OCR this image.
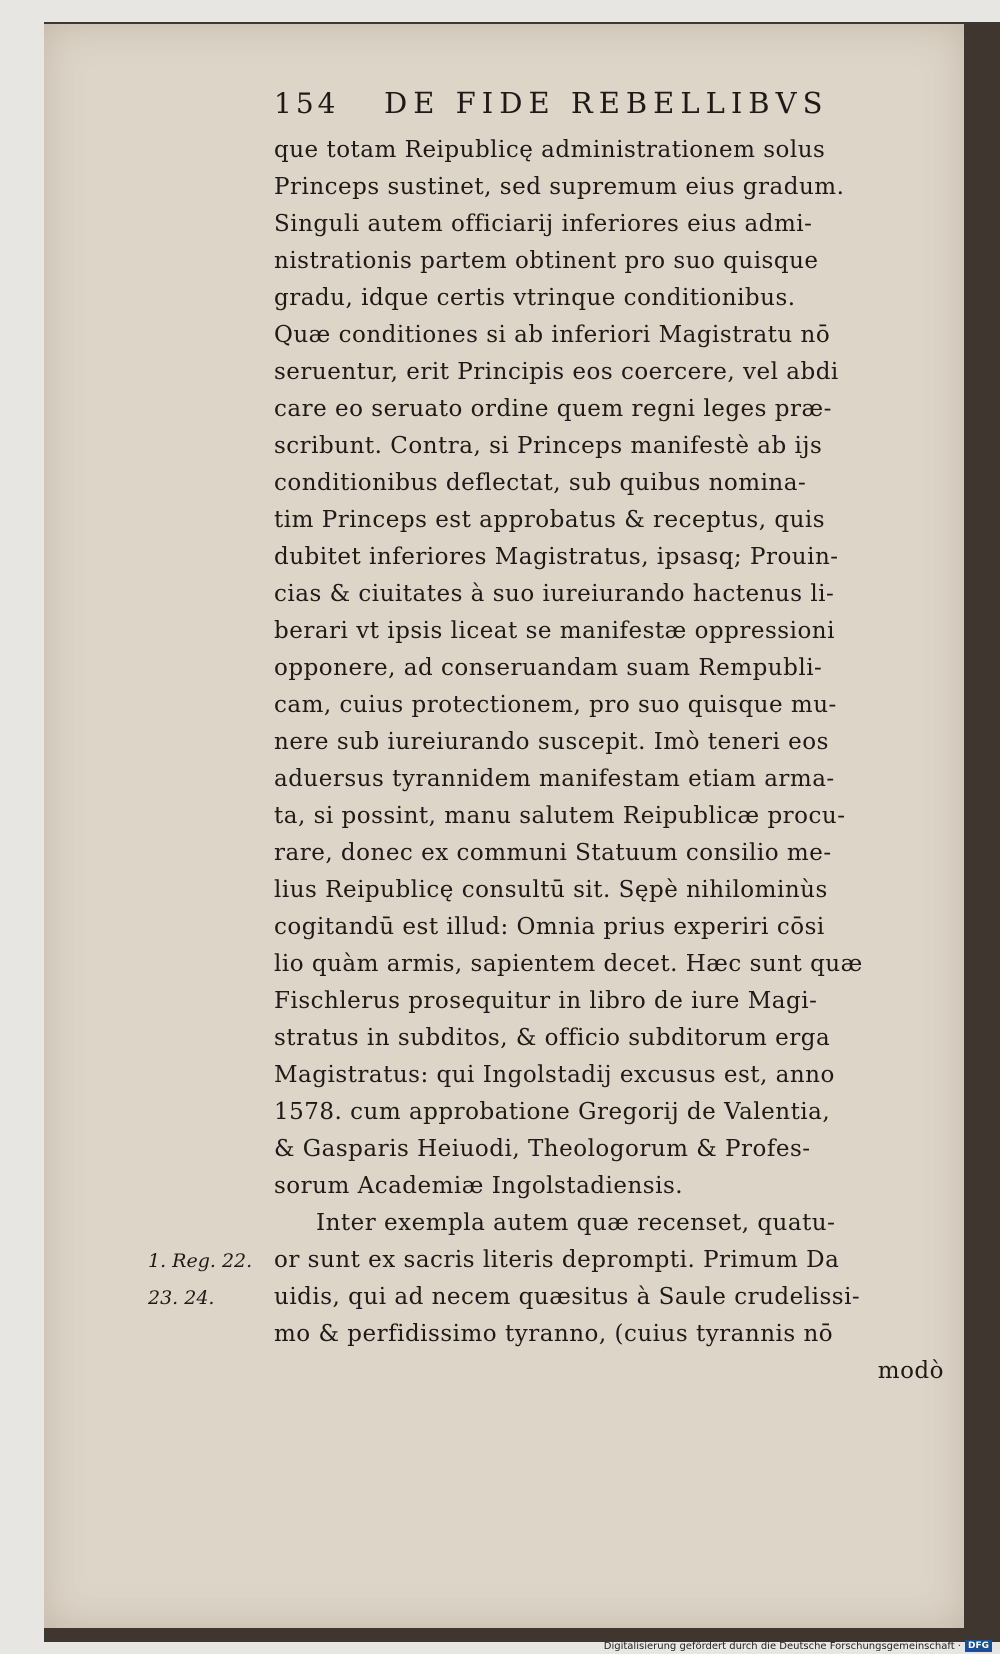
154	DE FIDE REBELLIBVS
que totam Reipublicę administrationem solus
Princeps sustinet, sed supremum eius gradum.
Singuli autem officiarij inferiores eius admi-
nistrationis partem obtinent pro suo quisque
gradu, idque certis vtrinque conditionibus.
Quæ conditiones si ab inferiori Magistratu nō
seruentur, erit Principis eos coercere, vel abdi
care eo seruato ordine quem regni leges præ-
scribunt. Contra, si Princeps manifestè ab ijs
conditionibus deflectat, sub quibus nomina-
tim Princeps est approbatus & receptus, quis
dubitet inferiores Magistratus, ipsasq; Prouin-
cias & ciuitates à suo iureiurando hactenus li-
berari vt ipsis liceat se manifestæ oppressioni
opponere, ad conseruandam suam Rempubli-
cam, cuius protectionem, pro suo quisque mu-
nere sub iureiurando suscepit. Imò teneri eos
aduersus tyrannidem manifestam etiam arma-
ta, si possint, manu salutem Reipublicæ procu-
rare, donec ex communi Statuum consilio me-
lius Reipublicę consultū sit. Sępè nihilominùs
cogitandū est illud: Omnia prius experiri cōsi
lio quàm armis, sapientem decet. Hæc sunt quæ
Fischlerus prosequitur in libro de iure Magi-
stratus in subditos, & officio subditorum erga
Magistratus: qui Ingolstadij excusus est, anno
1578. cum approbatione Gregorij de Valentia,
& Gasparis Heiuodi, Theologorum & Profes-
sorum Academiæ Ingolstadiensis.
Inter exempla autem quæ recenset, quatu-
or sunt ex sacris literis deprompti. Primum Da
uidis, qui ad necem quæsitus à Saule crudelissi-
mo & perfidissimo tyranno, (cuius tyrannis nō
modò
1. Reg. 22.
23. 24.
Digitalisierung gefördert durch die Deutsche Forschungsgemeinschaft · DFG
